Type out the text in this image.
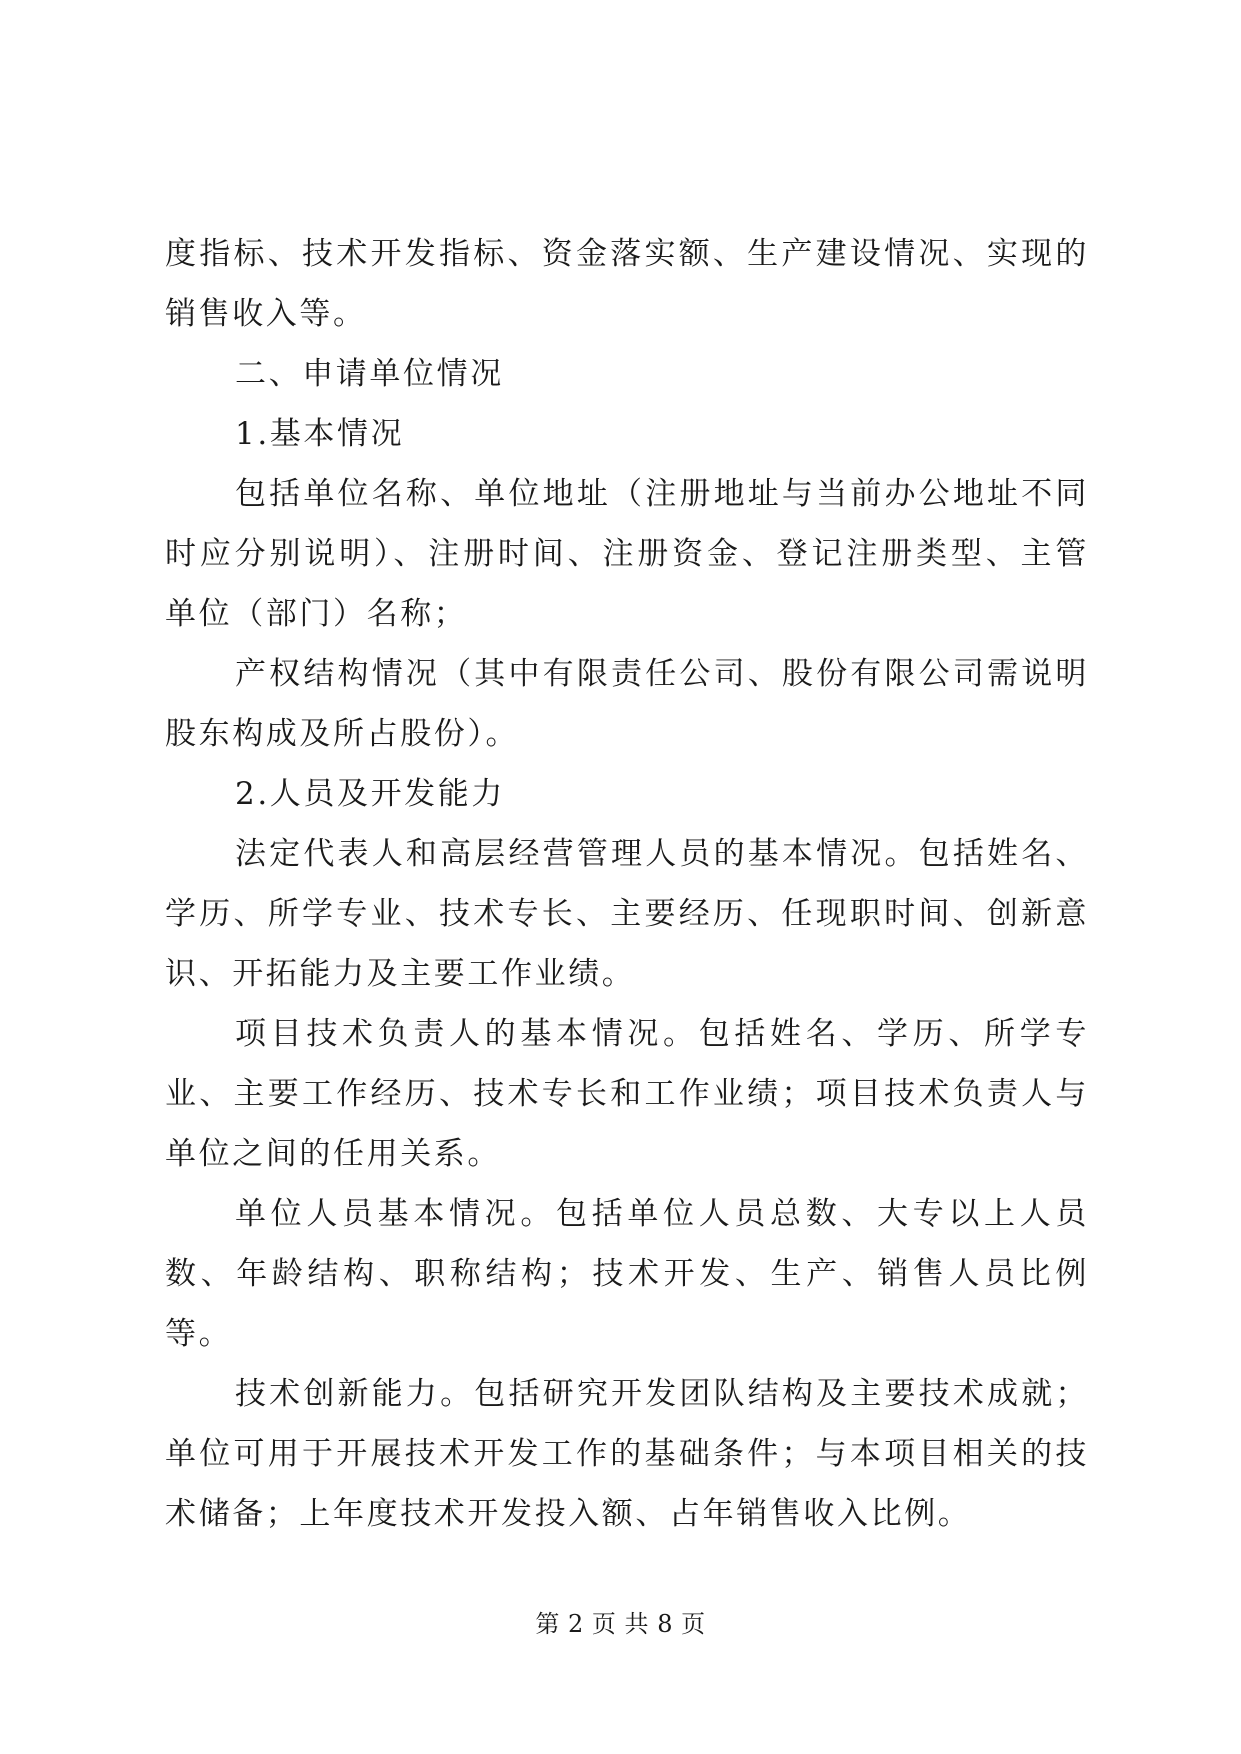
度指标、技术开发指标、资金落实额、生产建设情况、实现的销售收入等。

二、申请单位情况

1.基本情况

包括单位名称、单位地址（注册地址与当前办公地址不同时应分别说明）、注册时间、注册资金、登记注册类型、主管单位（部门）名称；

产权结构情况（其中有限责任公司、股份有限公司需说明股东构成及所占股份）。

2.人员及开发能力

法定代表人和高层经营管理人员的基本情况。包括姓名、学历、所学专业、技术专长、主要经历、任现职时间、创新意识、开拓能力及主要工作业绩。

项目技术负责人的基本情况。包括姓名、学历、所学专业、主要工作经历、技术专长和工作业绩；项目技术负责人与单位之间的任用关系。

单位人员基本情况。包括单位人员总数、大专以上人员数、年龄结构、职称结构；技术开发、生产、销售人员比例等。

技术创新能力。包括研究开发团队结构及主要技术成就；单位可用于开展技术开发工作的基础条件；与本项目相关的技术储备；上年度技术开发投入额、占年销售收入比例。

第 2 页 共 8 页
